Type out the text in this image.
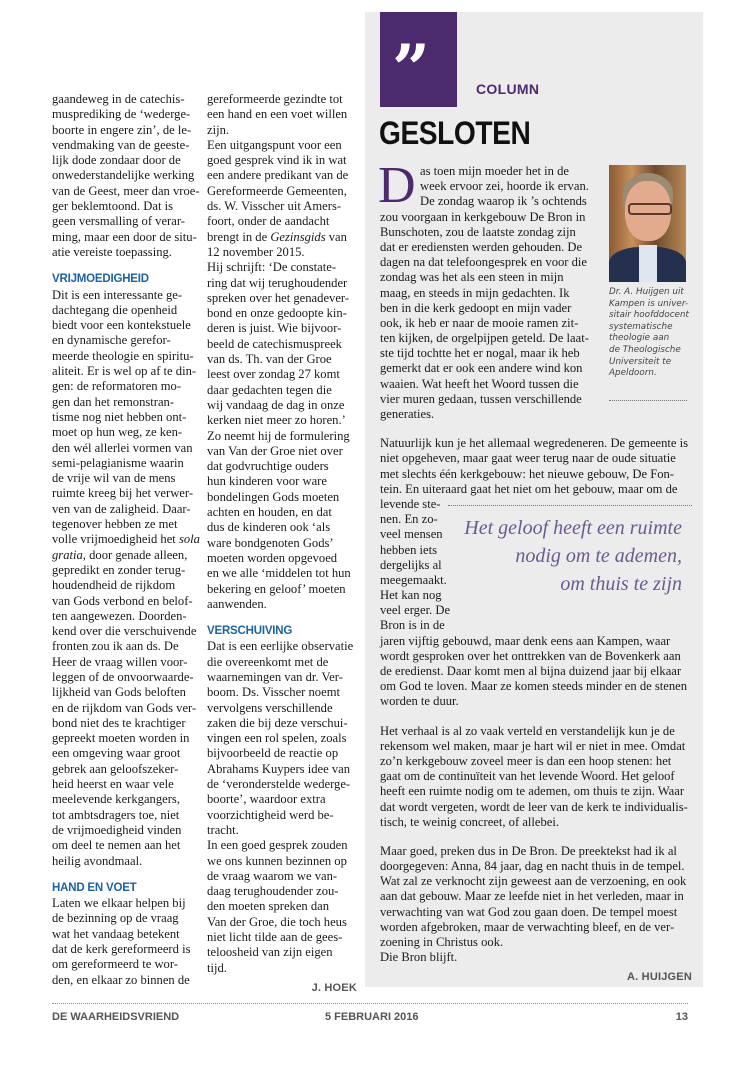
gaandeweg in de catechis-
musprediking de ‘wederge-
boorte in engere zin’, de le-
vendmaking van de geeste-
lijk dode zondaar door de
onwederstandelijke werking
van de Geest, meer dan vroe-
ger beklemtoond. Dat is
geen versmalling of verar-
ming, maar een door de situ-
atie vereiste toepassing.
VRIJMOEDIGHEID
Dit is een interessante ge-
dachtegang die openheid
biedt voor een kontekstuele
en dynamische gerefor-
meerde theologie en spiritu-
aliteit. Er is wel op af te din-
gen: de reformatoren mo-
gen dan het remonstran-
tisme nog niet hebben ont-
moet op hun weg, ze ken-
den wél allerlei vormen van
semi-pelagianisme waarin
de vrije wil van de mens
ruimte kreeg bij het verwer-
ven van de zaligheid. Daar-
tegenover hebben ze met
volle vrijmoedigheid het sola
gratia, door genade alleen,
gepredikt en zonder terug-
houdendheid de rijkdom
van Gods verbond en belof-
ten aangewezen. Doorden-
kend over die verschuivende
fronten zou ik aan ds. De
Heer de vraag willen voor-
leggen of de onvoorwaarde-
lijkheid van Gods beloften
en de rijkdom van Gods ver-
bond niet des te krachtiger
gepreekt moeten worden in
een omgeving waar groot
gebrek aan geloofszeker-
heid heerst en waar vele
meelevende kerkgangers,
tot ambtsdragers toe, niet
de vrijmoedigheid vinden
om deel te nemen aan het
heilig avondmaal.
HAND EN VOET
Laten we elkaar helpen bij
de bezinning op de vraag
wat het vandaag betekent
dat de kerk gereformeerd is
om gereformeerd te wor-
den, en elkaar zo binnen de
gereformeerde gezindte tot
een hand en een voet willen
zijn.
Een uitgangspunt voor een
goed gesprek vind ik in wat
een andere predikant van de
Gereformeerde Gemeenten,
ds. W. Visscher uit Amers-
foort, onder de aandacht
brengt in de Gezinsgids van
12 november 2015.
Hij schrijft: ‘De constate-
ring dat wij terughoudender
spreken over het genadever-
bond en onze gedoopte kin-
deren is juist. Wie bijvoor-
beeld de catechismuspreek
van ds. Th. van der Groe
leest over zondag 27 komt
daar gedachten tegen die
wij vandaag de dag in onze
kerken niet meer zo horen.’
Zo neemt hij de formulering
van Van der Groe niet over
dat godvruchtige ouders
hun kinderen voor ware
bondelingen Gods moeten
achten en houden, en dat
dus de kinderen ook ‘als
ware bondgenoten Gods’
moeten worden opgevoed
en we alle ‘middelen tot hun
bekering en geloof’ moeten
aanwenden.
VERSCHUIVING
Dat is een eerlijke observatie
die overeenkomt met de
waarnemingen van dr. Ver-
boom. Ds. Visscher noemt
vervolgens verschillende
zaken die bij deze verschui-
vingen een rol spelen, zoals
bijvoorbeeld de reactie op
Abrahams Kuypers idee van
de ‘veronderstelde wederge-
boorte’, waardoor extra
voorzichtigheid werd be-
tracht.
In een goed gesprek zouden
we ons kunnen bezinnen op
de vraag waarom we van-
daag terughoudender zou-
den moeten spreken dan
Van der Groe, die toch heus
niet licht tilde aan de gees-
teloosheid van zijn eigen
tijd.
J. HOEK
”	COLUMN
GESLOTEN
Dr. A. Huijgen uit
Kampen is univer-
sitair hoofddocent
systematische
theologie aan
de Theologische
Universiteit te
Apeldoorn.
D as toen mijn moeder het in de
week ervoor zei, hoorde ik ervan.
De zondag waarop ik ’s ochtends
zou voorgaan in kerkgebouw De Bron in
Bunschoten, zou de laatste zondag zijn
dat er erediensten werden gehouden. De
dagen na dat telefoongesprek en voor die
zondag was het als een steen in mijn
maag, en steeds in mijn gedachten. Ik
ben in die kerk gedoopt en mijn vader
ook, ik heb er naar de mooie ramen zit-
ten kijken, de orgelpijpen geteld. De laat-
ste tijd tochtte het er nogal, maar ik heb
gemerkt dat er ook een andere wind kon
waaien. Wat heeft het Woord tussen die
vier muren gedaan, tussen verschillende
generaties.
Natuurlijk kun je het allemaal wegredeneren. De gemeente is
niet opgeheven, maar gaat weer terug naar de oude situatie
met slechts één kerkgebouw: het nieuwe gebouw, De Fon-
tein. En uiteraard gaat het niet om het gebouw, maar om de
levende ste-
nen. En zo-
veel mensen
hebben iets
dergelijks al
meegemaakt.
Het kan nog
veel erger. De
Bron is in de
Het geloof heeft een ruimte
nodig om te ademen,
om thuis te zijn
jaren vijftig gebouwd, maar denk eens aan Kampen, waar
wordt gesproken over het onttrekken van de Bovenkerk aan
de eredienst. Daar komt men al bijna duizend jaar bij elkaar
om God te loven. Maar ze komen steeds minder en de stenen
worden te duur.
Het verhaal is al zo vaak verteld en verstandelijk kun je de
rekensom wel maken, maar je hart wil er niet in mee. Omdat
zo’n kerkgebouw zoveel meer is dan een hoop stenen: het
gaat om de continuïteit van het levende Woord. Het geloof
heeft een ruimte nodig om te ademen, om thuis te zijn. Waar
dat wordt vergeten, wordt de leer van de kerk te individualis-
tisch, te weinig concreet, of allebei.
Maar goed, preken dus in De Bron. De preektekst had ik al
doorgegeven: Anna, 84 jaar, dag en nacht thuis in de tempel.
Wat zal ze verknocht zijn geweest aan de verzoening, en ook
aan dat gebouw. Maar ze leefde niet in het verleden, maar in
verwachting van wat God zou gaan doen. De tempel moest
worden afgebroken, maar de verwachting bleef, en de ver-
zoening in Christus ook.
Die Bron blijft.
A. HUIJGEN
DE WAARHEIDSVRIEND	5 FEBRUARI 2016	13
